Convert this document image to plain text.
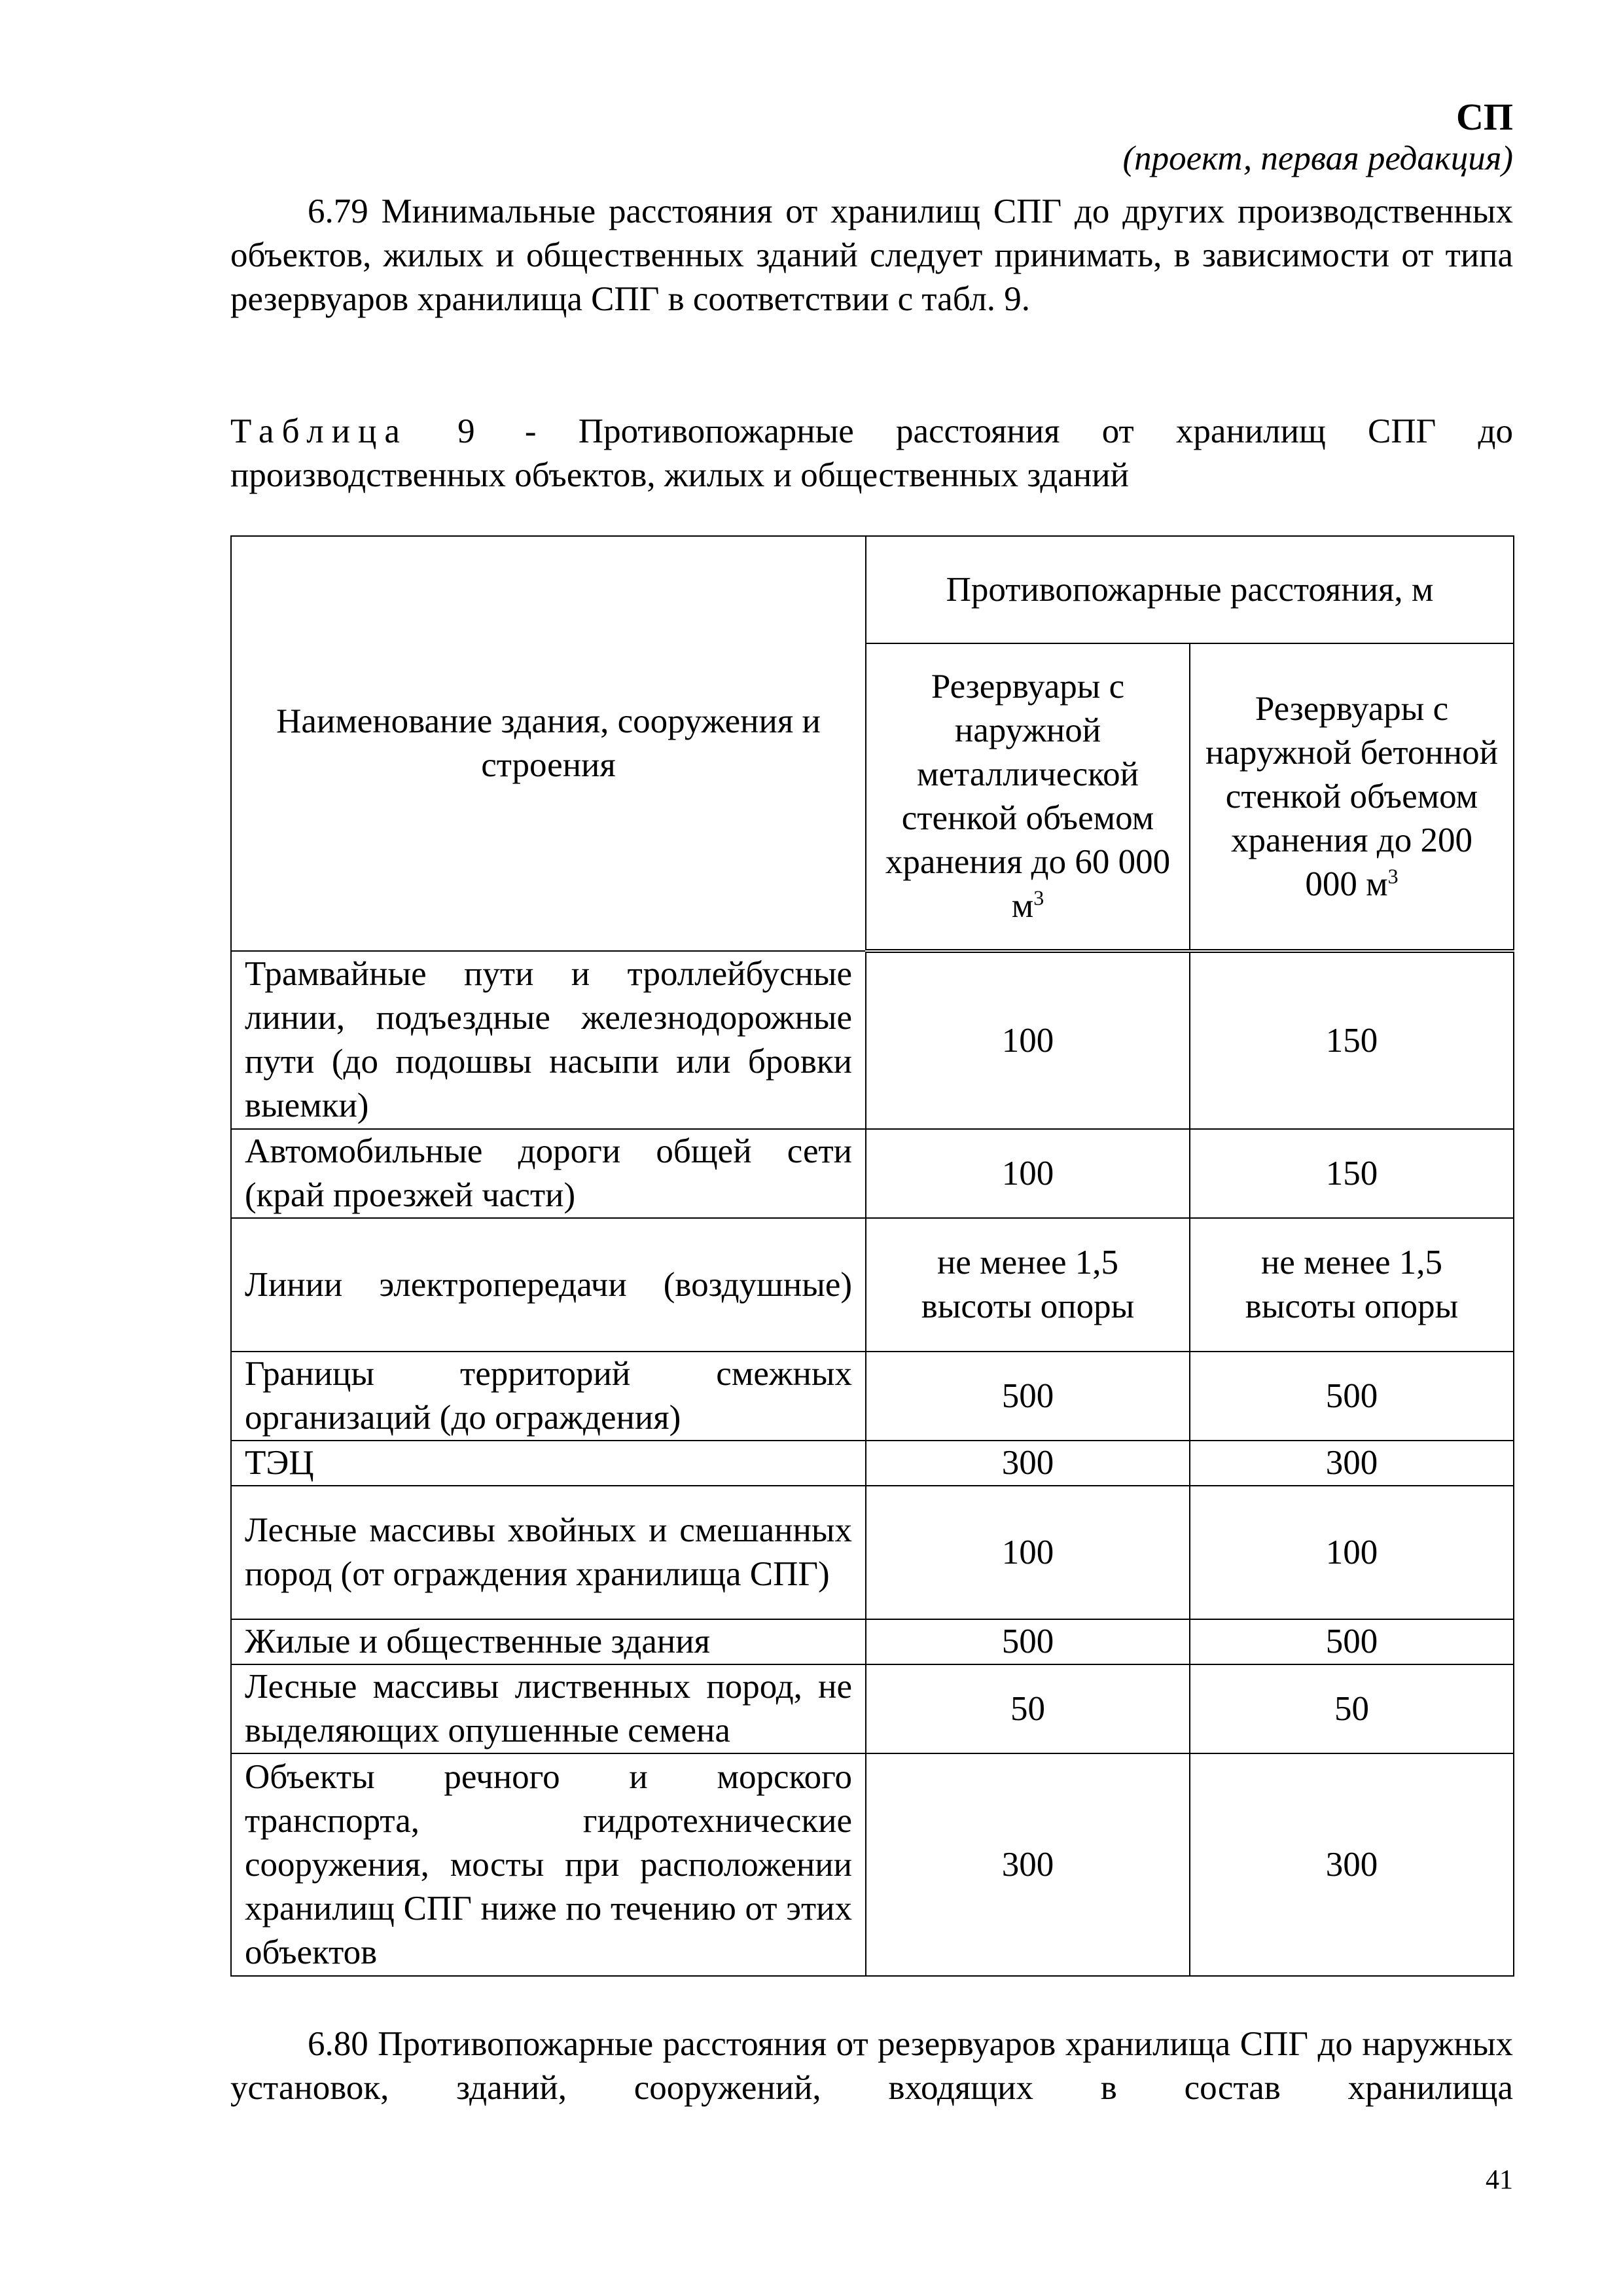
СП
(проект, первая редакция)
6.79 Минимальные расстояния от хранилищ СПГ до других производственных объектов, жилых и общественных зданий следует принимать, в зависимости от типа резервуаров хранилища СПГ в соответствии с табл. 9.
Таблица 9 - Противопожарные расстояния от хранилищ СПГ до производственных объектов, жилых и общественных зданий
Наименование здания, сооружения и строения	Противопожарные расстояния, м	
	Резервуары с наружной металлической стенкой объемом хранения до 60 000 $м^3$	Резервуары с наружной бетонной стенкой объемом хранения до 200 000 $м^3$
Трамвайные пути и троллейбусные линии, подъездные железнодорожные пути (до подошвы насыпи или бровки выемки)	100	150
Автомобильные дороги общей сети (край проезжей части)	100	150
Линии электропередачи (воздушные)	не менее 1,5 высоты опоры	не менее 1,5 высоты опоры
Границы территорий смежных организаций (до ограждения)	500	500
ТЭЦ	300	300
Лесные массивы хвойных и смешанных пород (от ограждения хранилища СПГ)	100	100
Жилые и общественные здания	500	500
Лесные массивы лиственных пород, не выделяющих опушенные семена	50	50
Объекты речного и морского транспорта, гидротехнические сооружения, мосты при расположении хранилищ СПГ ниже по течению от этих объектов	300	300
6.80 Противопожарные расстояния от резервуаров хранилища СПГ до наружных установок, зданий, сооружений, входящих в состав хранилища
41
